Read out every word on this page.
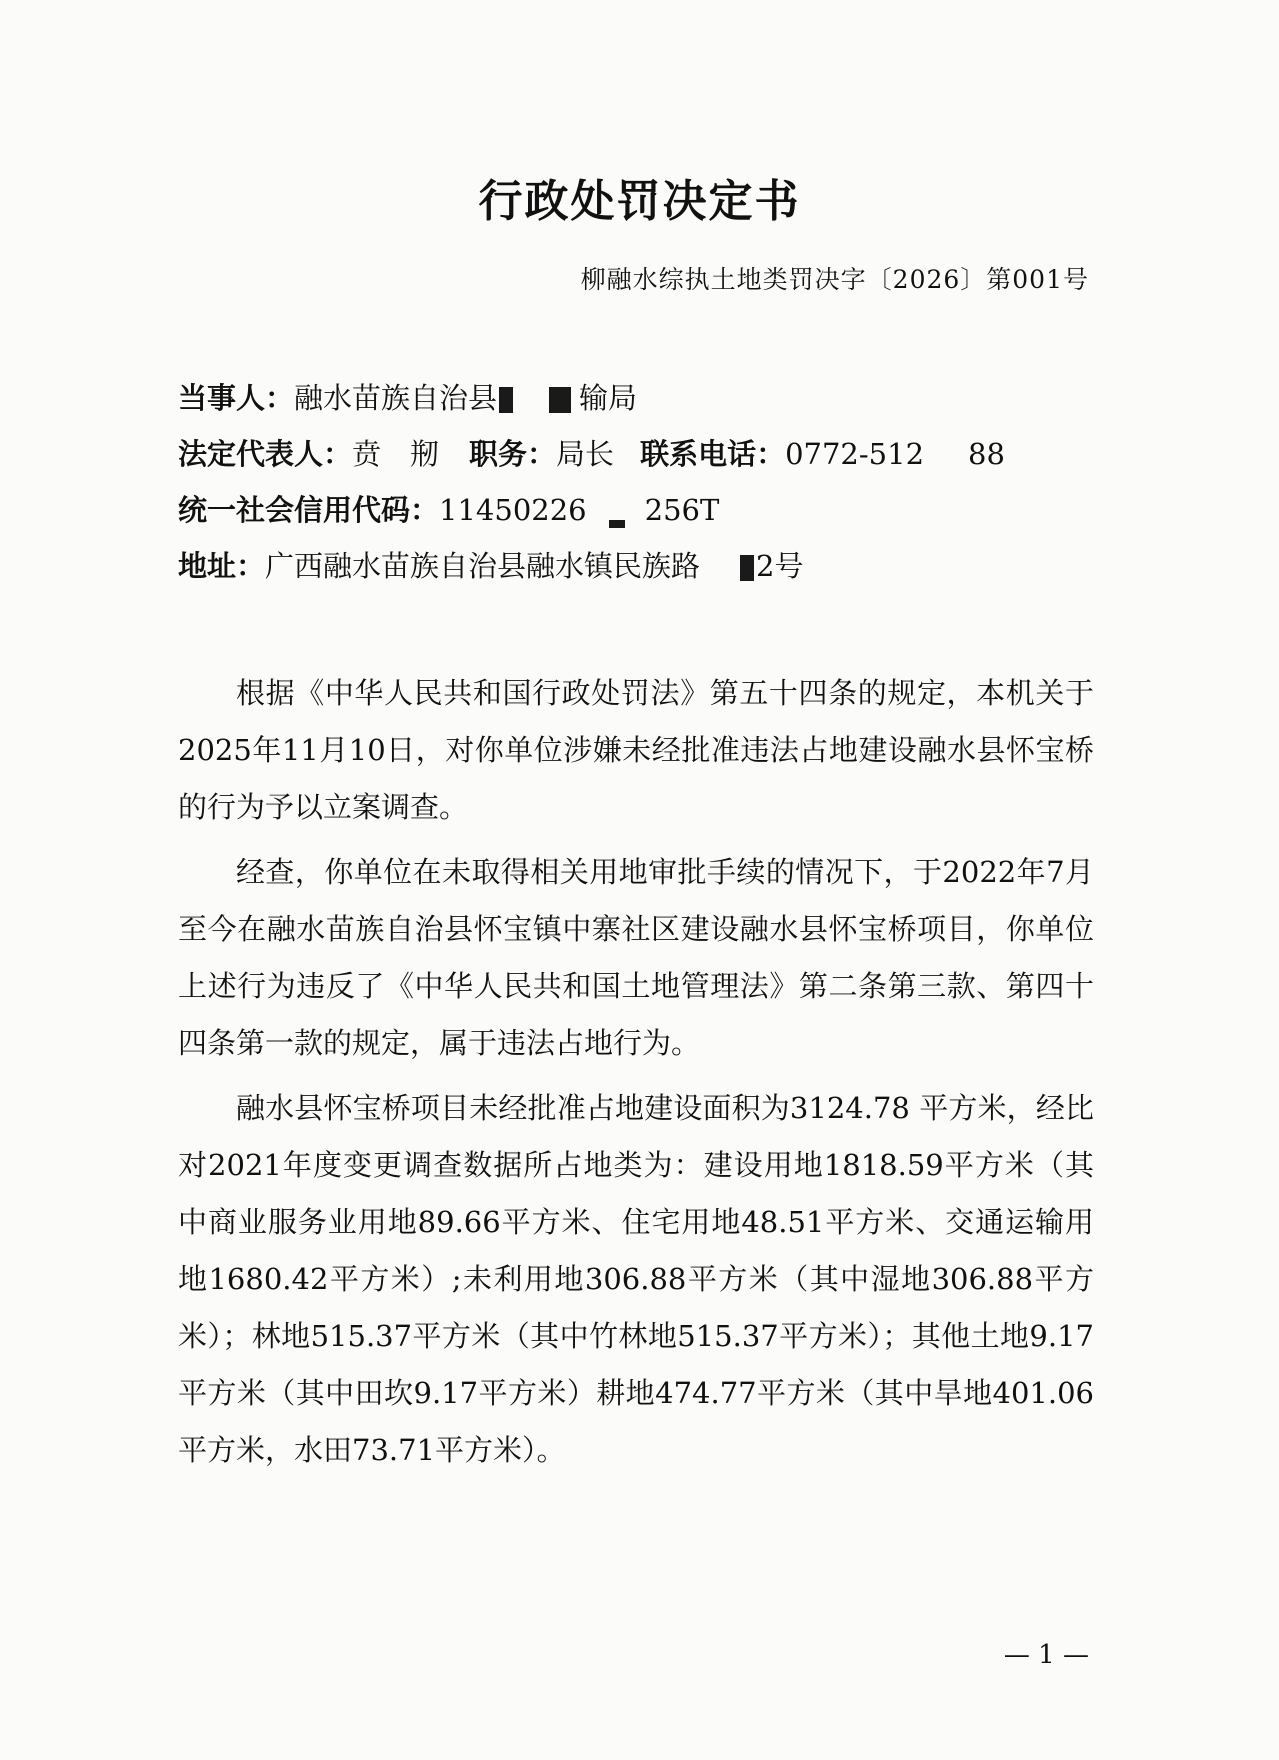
行政处罚决定书
柳融水综执土地类罚决字〔2026〕第001号
当事人：融水苗族自治县	输局
法定代表人：贲　剏 职务：局长 联系电话：0772-512 88
统一社会信用代码：11450226 256T
地址：广西融水苗族自治县融水镇民族路 2号

根据《中华人民共和国行政处罚法》第五十四条的规定，本机关于2025年11月10日，对你单位涉嫌未经批准违法占地建设融水县怀宝桥的行为予以立案调查。

经查，你单位在未取得相关用地审批手续的情况下，于2022年7月至今在融水苗族自治县怀宝镇中寨社区建设融水县怀宝桥项目，你单位上述行为违反了《中华人民共和国土地管理法》第二条第三款、第四十四条第一款的规定，属于违法占地行为。

融水县怀宝桥项目未经批准占地建设面积为3124.78 平方米，经比对2021年度变更调查数据所占地类为：建设用地1818.59平方米（其中商业服务业用地89.66平方米、住宅用地48.51平方米、交通运输用地1680.42平方米）;未利用地306.88平方米（其中湿地306.88平方米）；林地515.37平方米（其中竹林地515.37平方米）；其他土地9.17平方米（其中田坎9.17平方米）耕地474.77平方米（其中旱地401.06平方米，水田73.71平方米）。

— 1 —
